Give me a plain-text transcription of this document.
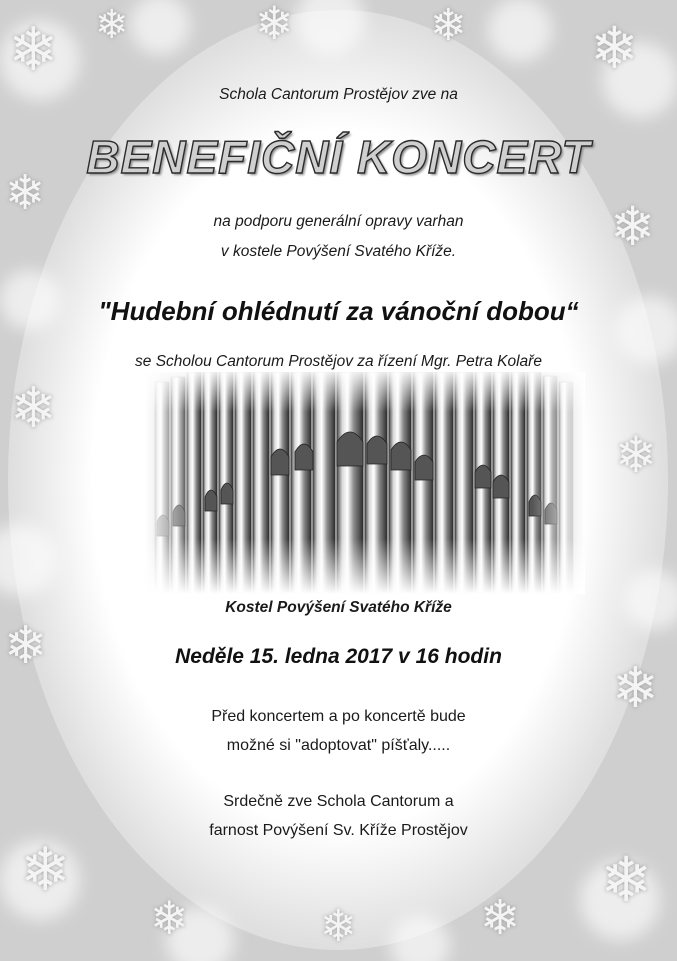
❄ ❄	❄	❄ ❄
❄
❄
❄
❄
❄
❄
❄
❄	❄	❄
❄
Schola Cantorum Prostějov zve na
BENEFIČNÍ KONCERT
na podporu generální opravy varhan
v kostele Povýšení Svatého Kříže.
"Hudební ohlédnutí za vánoční dobou“
se Scholou Cantorum Prostějov za řízení Mgr. Petra Kolaře
Kostel Povýšení Svatého Kříže
Neděle 15. ledna 2017 v 16 hodin
Před koncertem a po koncertě bude
možné si "adoptovat" píšťaly.....
Srdečně zve Schola Cantorum a
farnost Povýšení Sv. Kříže Prostějov
